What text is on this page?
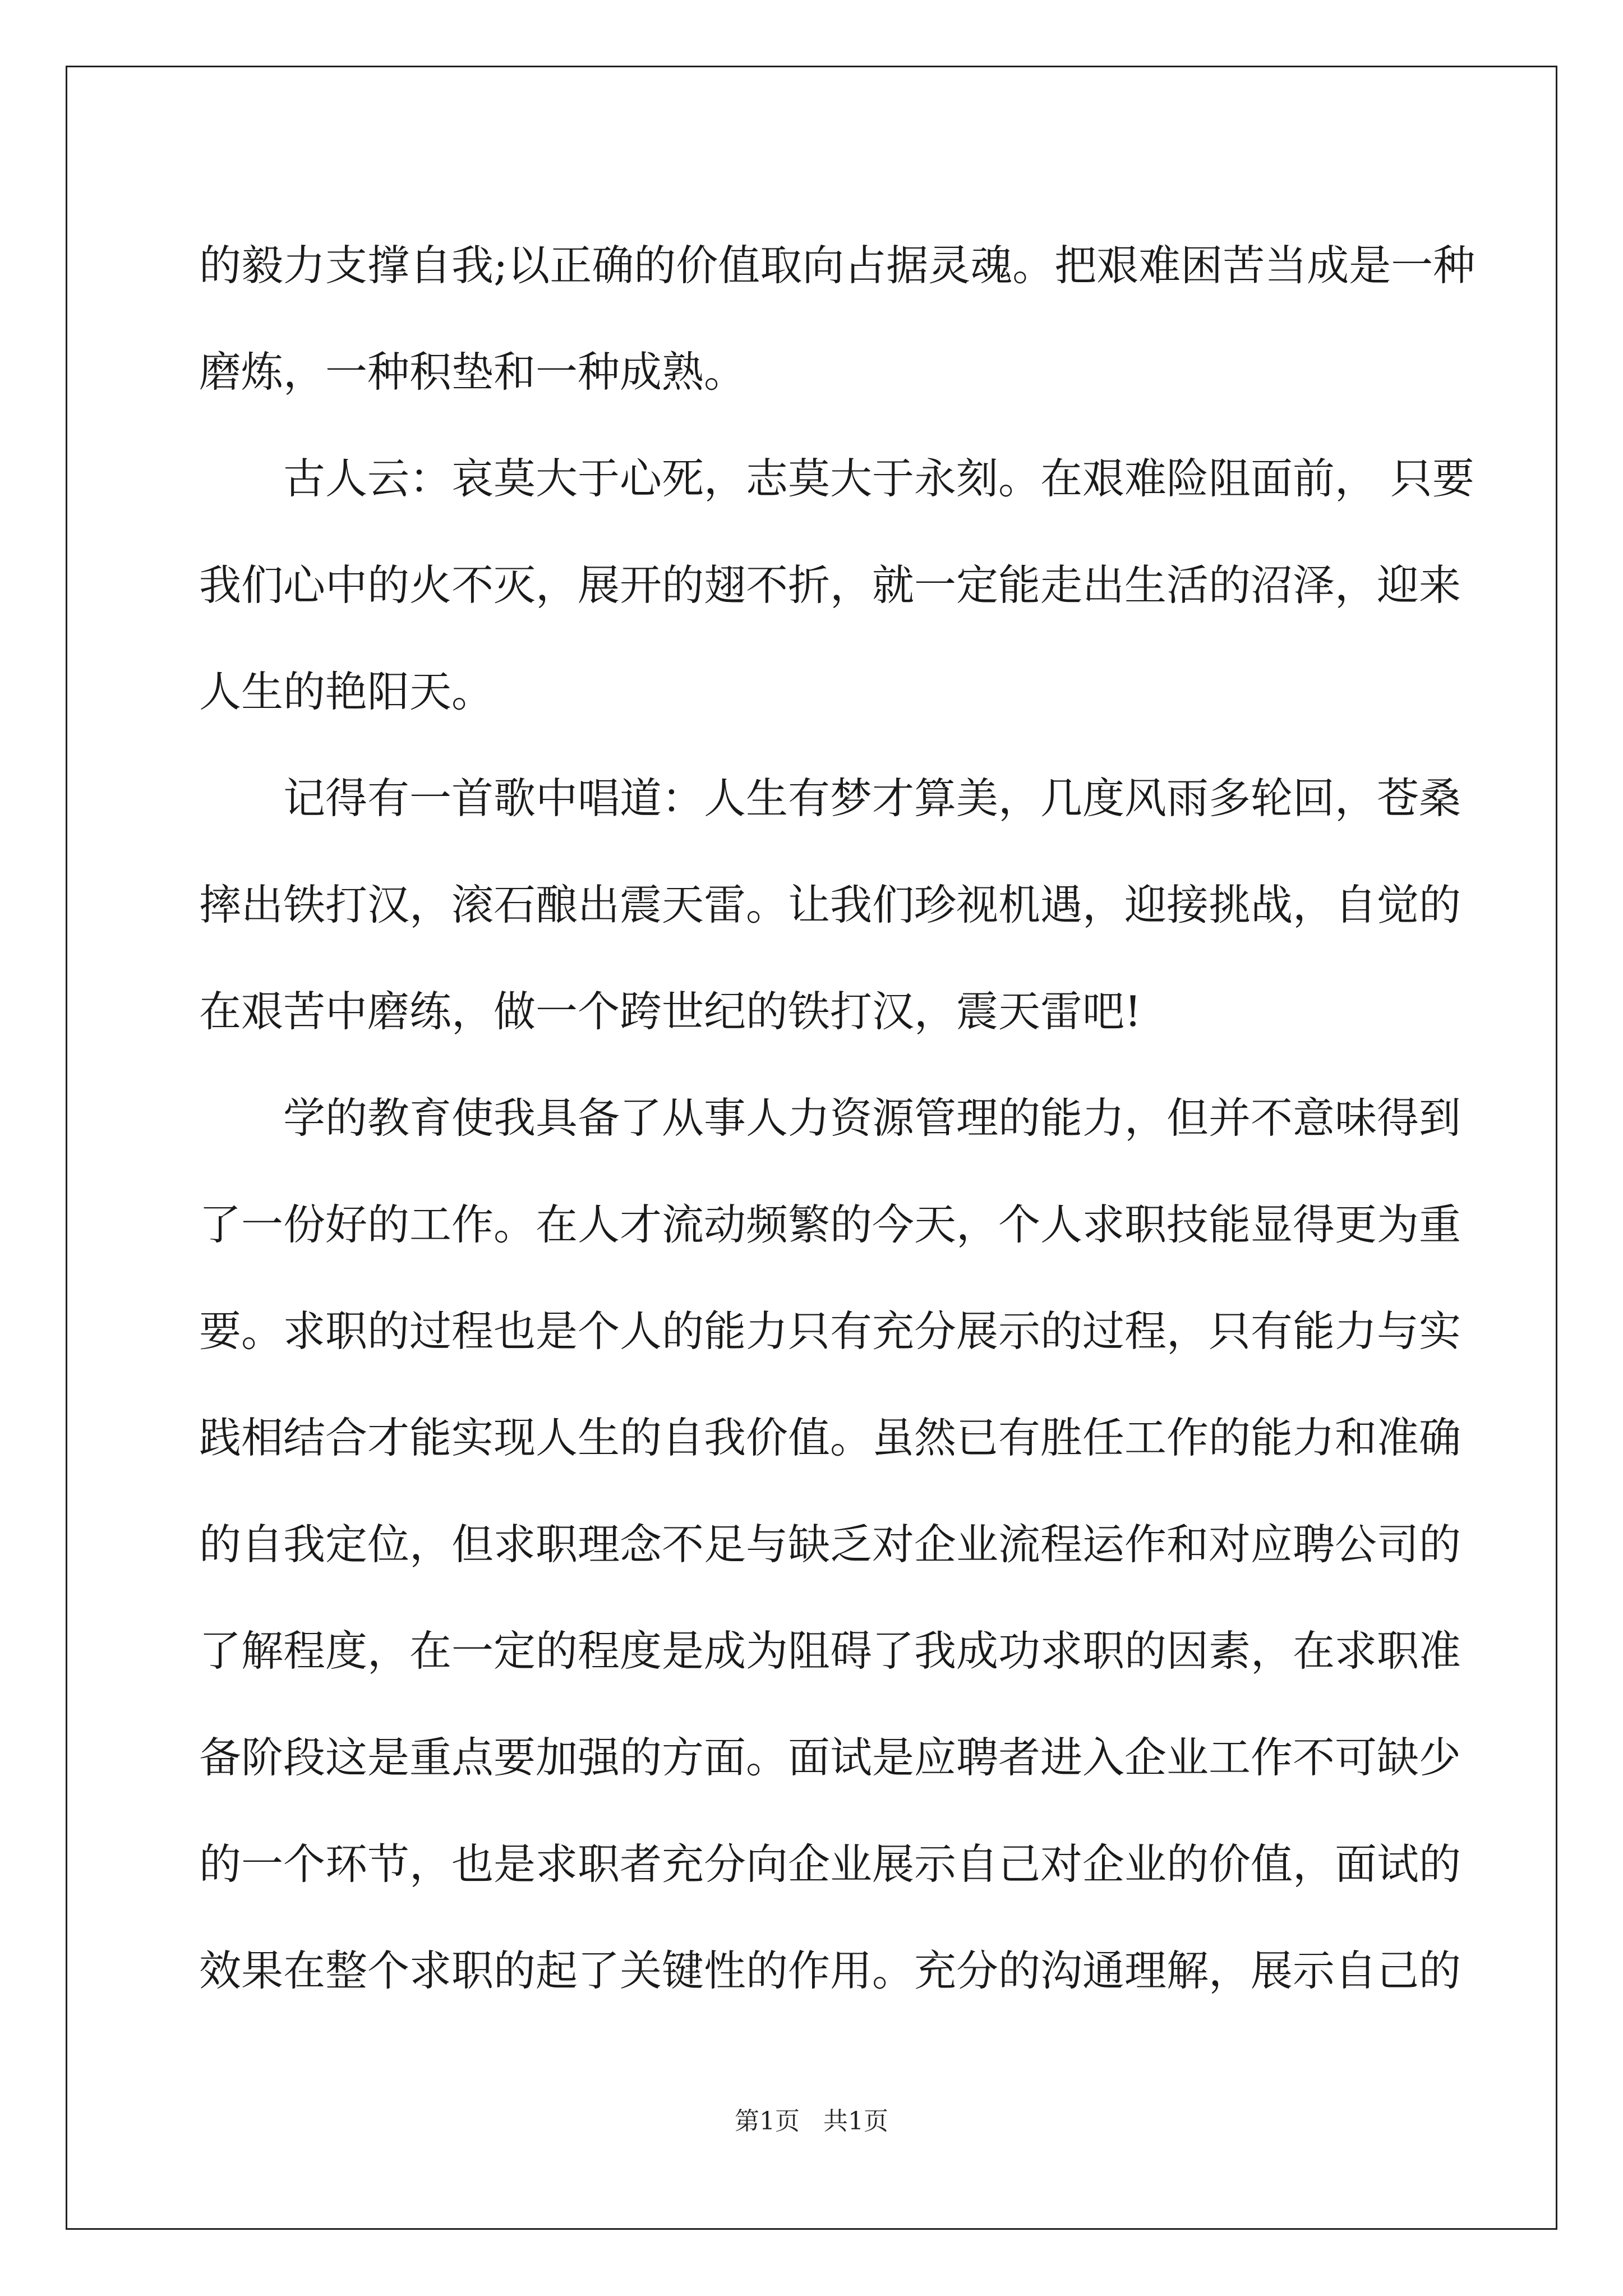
的毅力支撑自我;以正确的价值取向占据灵魂。把艰难困苦当成是一种
磨炼，一种积垫和一种成熟。
古人云：哀莫大于心死，志莫大于永刻。在艰难险阻面前， 只要
我们心中的火不灭，展开的翅不折，就一定能走出生活的沼泽，迎来
人生的艳阳天。
记得有一首歌中唱道：人生有梦才算美，几度风雨多轮回，苍桑
摔出铁打汉，滚石酿出震天雷。让我们珍视机遇，迎接挑战，自觉的
在艰苦中磨练，做一个跨世纪的铁打汉，震天雷吧!
学的教育使我具备了从事人力资源管理的能力，但并不意味得到
了一份好的工作。在人才流动频繁的今天，个人求职技能显得更为重
要。求职的过程也是个人的能力只有充分展示的过程，只有能力与实
践相结合才能实现人生的自我价值。虽然已有胜任工作的能力和准确
的自我定位，但求职理念不足与缺乏对企业流程运作和对应聘公司的
了解程度，在一定的程度是成为阻碍了我成功求职的因素，在求职准
备阶段这是重点要加强的方面。面试是应聘者进入企业工作不可缺少
的一个环节，也是求职者充分向企业展示自己对企业的价值，面试的
效果在整个求职的起了关键性的作用。充分的沟通理解，展示自己的
第1页 共1页
